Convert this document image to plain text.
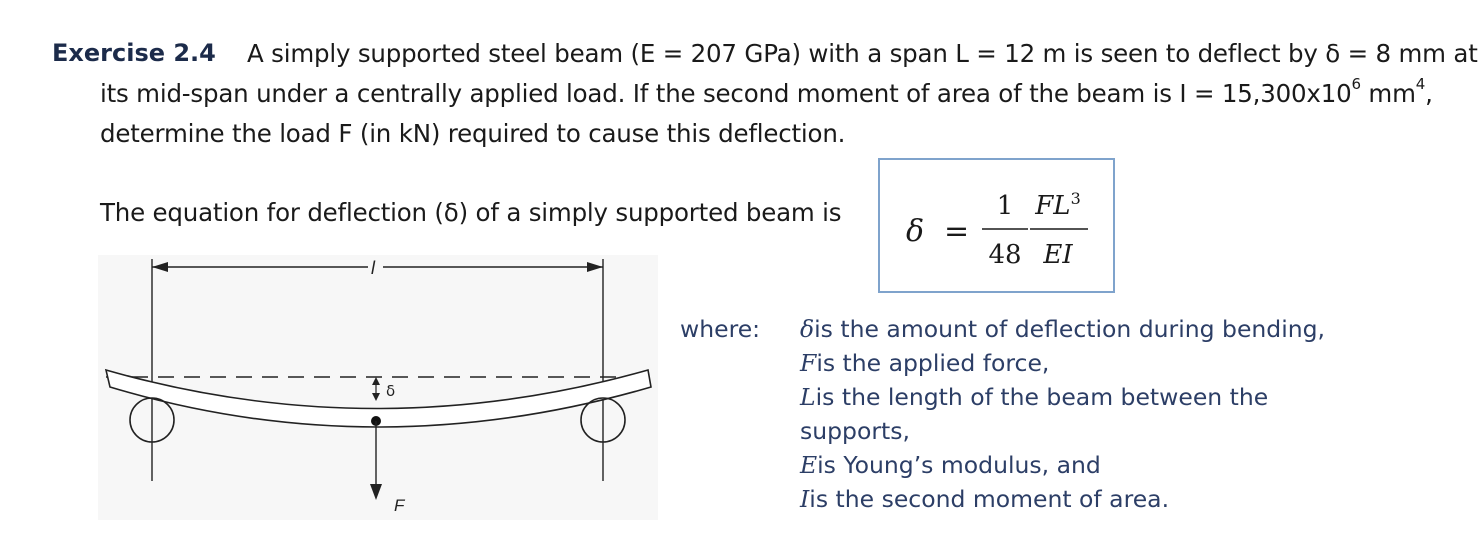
Exercise 2.4 A simply supported steel beam (E = 207 GPa) with a span L = 12 m is seen to deflect by δ = 8 mm at
its mid-span under a centrally applied load. If the second moment of area of the beam is $I = 15,300x10^6$ $mm^4$,
determine the load F (in kN) required to cause this deflection.
The equation for deflection (δ) of a simply supported beam is
δ =
1
48
$FL^3$
EI
l
δ
F
where: δis the amount of deflection during bending,
Fis the applied force,
Lis the length of the beam between the
supports,
Eis Young’s modulus, and
Iis the second moment of area.
